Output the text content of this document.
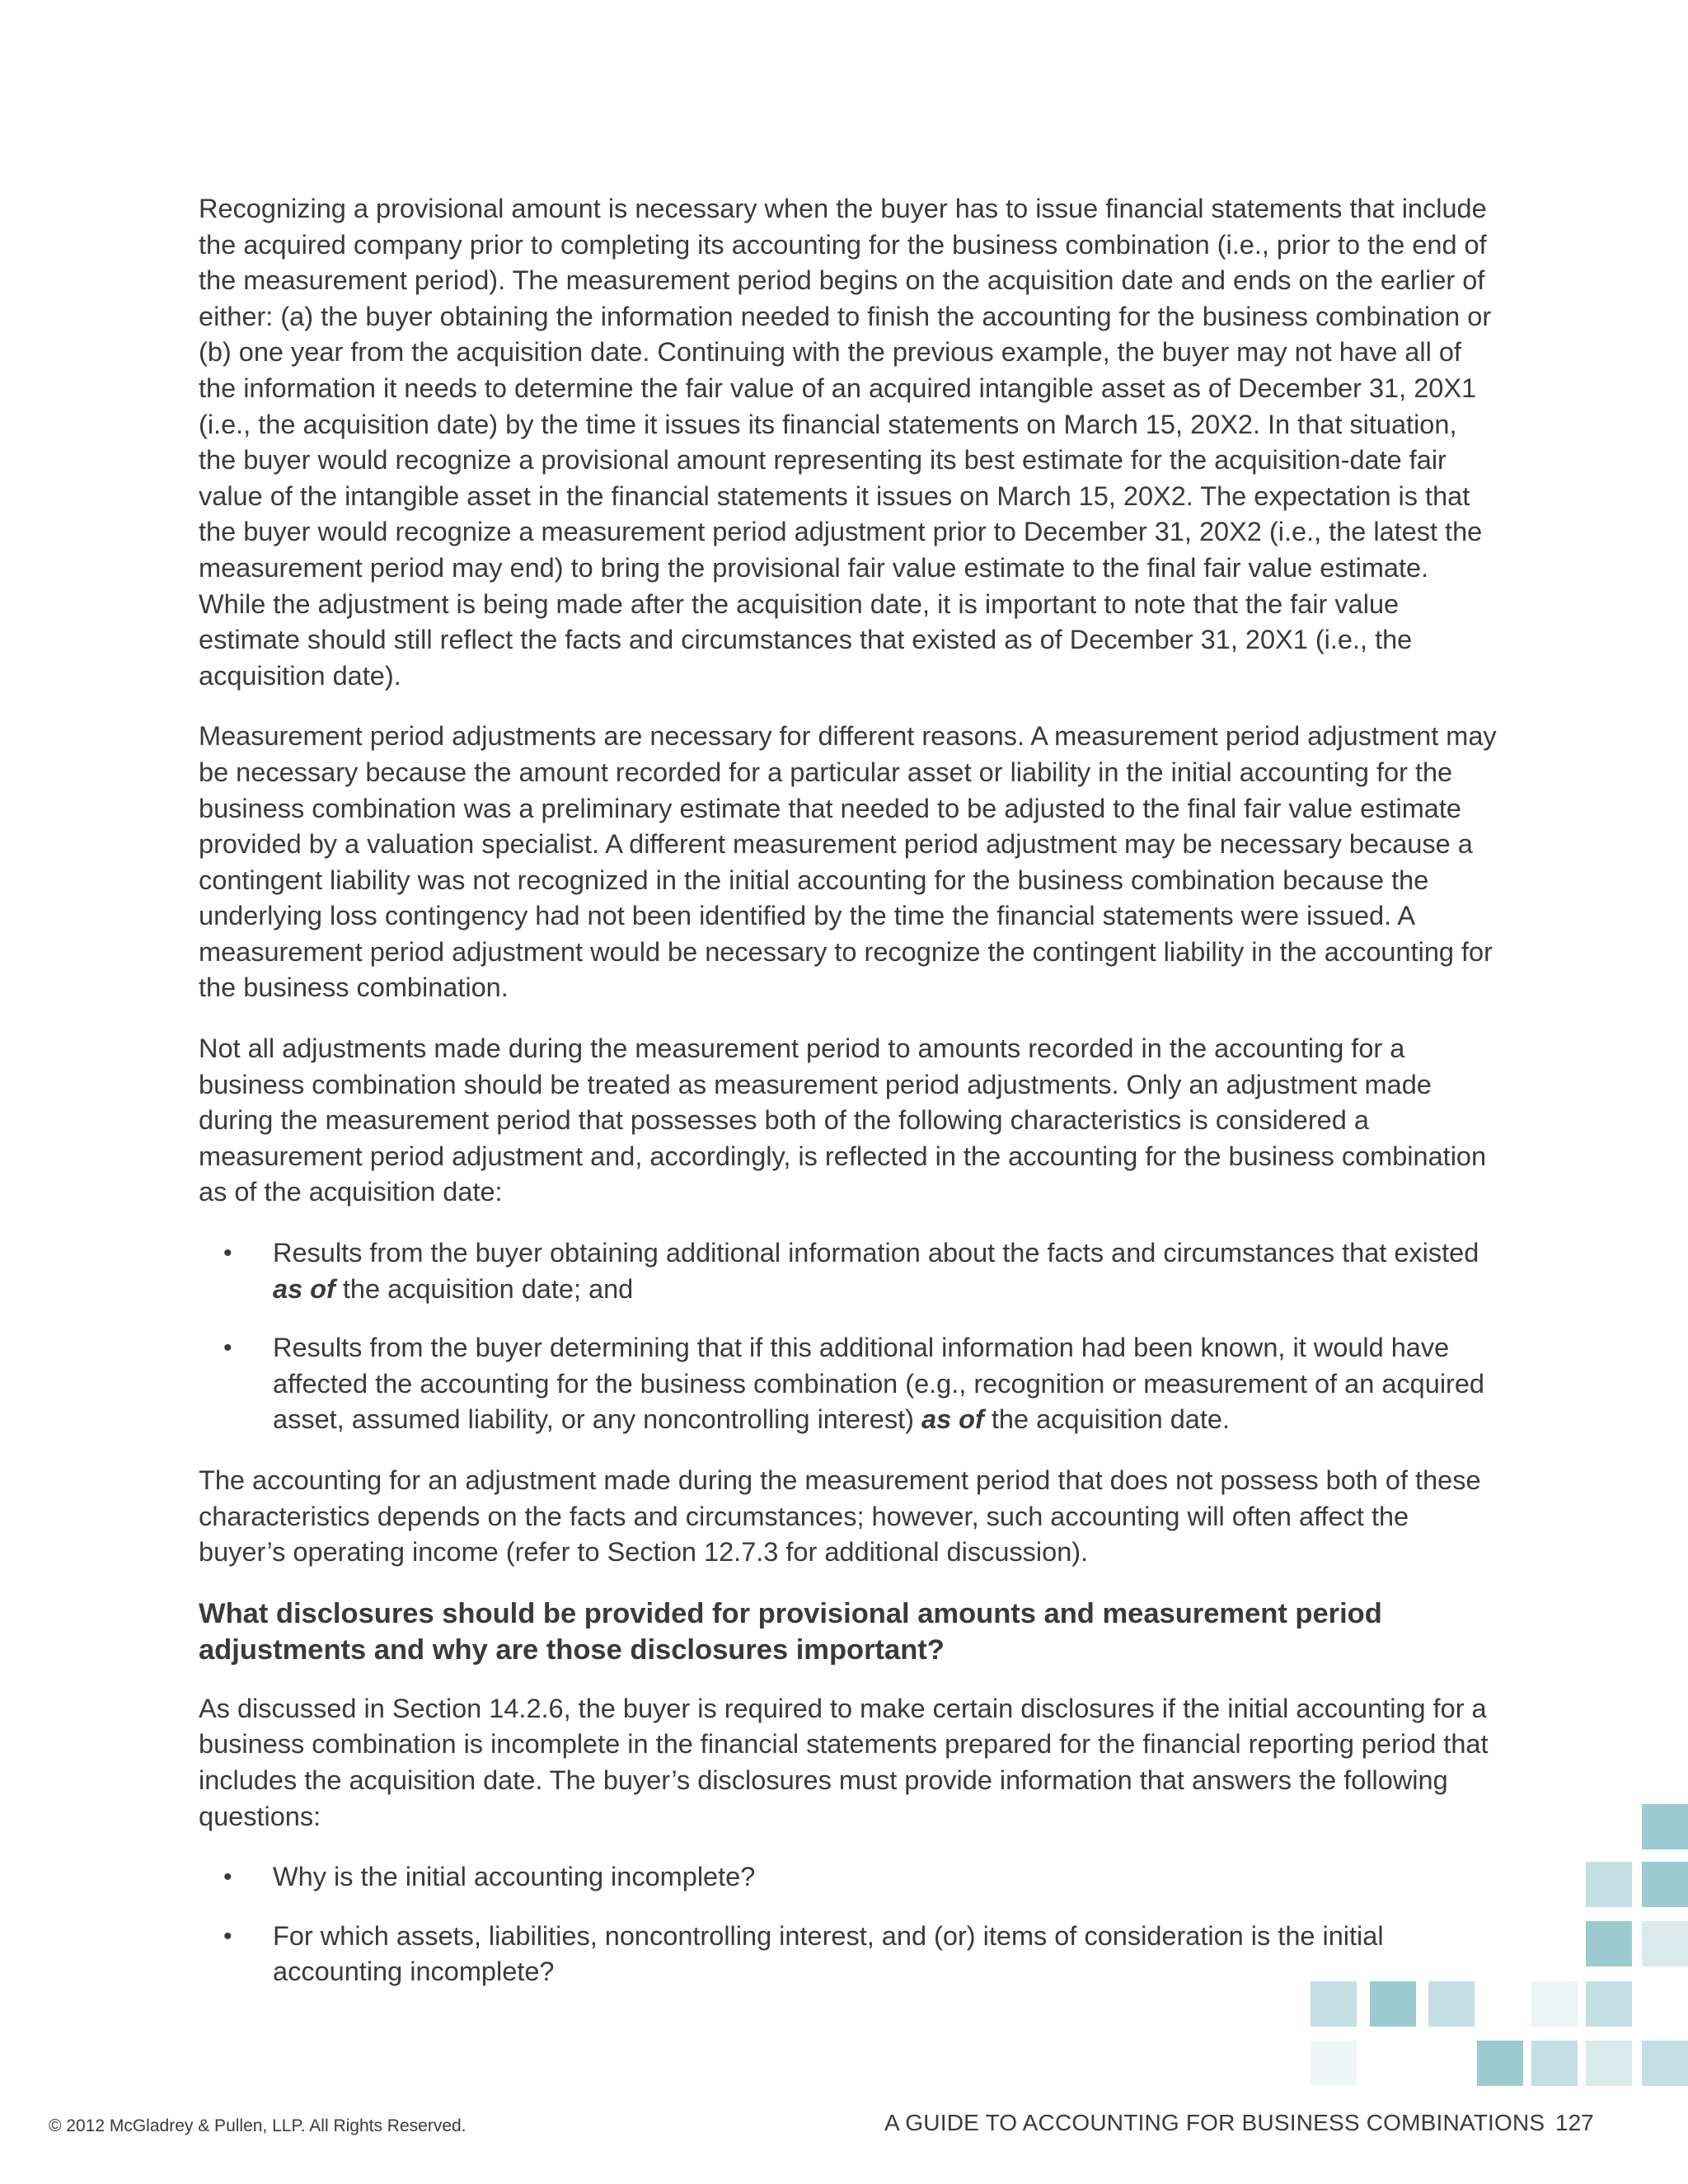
Recognizing a provisional amount is necessary when the buyer has to issue financial statements that include the acquired company prior to completing its accounting for the business combination (i.e., prior to the end of the measurement period). The measurement period begins on the acquisition date and ends on the earlier of either: (a) the buyer obtaining the information needed to finish the accounting for the business combination or (b) one year from the acquisition date. Continuing with the previous example, the buyer may not have all of the information it needs to determine the fair value of an acquired intangible asset as of December 31, 20X1 (i.e., the acquisition date) by the time it issues its financial statements on March 15, 20X2. In that situation, the buyer would recognize a provisional amount representing its best estimate for the acquisition-date fair value of the intangible asset in the financial statements it issues on March 15, 20X2. The expectation is that the buyer would recognize a measurement period adjustment prior to December 31, 20X2 (i.e., the latest the measurement period may end) to bring the provisional fair value estimate to the final fair value estimate. While the adjustment is being made after the acquisition date, it is important to note that the fair value estimate should still reflect the facts and circumstances that existed as of December 31, 20X1 (i.e., the acquisition date).

Measurement period adjustments are necessary for different reasons. A measurement period adjustment may be necessary because the amount recorded for a particular asset or liability in the initial accounting for the business combination was a preliminary estimate that needed to be adjusted to the final fair value estimate provided by a valuation specialist. A different measurement period adjustment may be necessary because a contingent liability was not recognized in the initial accounting for the business combination because the underlying loss contingency had not been identified by the time the financial statements were issued. A measurement period adjustment would be necessary to recognize the contingent liability in the accounting for the business combination.

Not all adjustments made during the measurement period to amounts recorded in the accounting for a business combination should be treated as measurement period adjustments. Only an adjustment made during the measurement period that possesses both of the following characteristics is considered a measurement period adjustment and, accordingly, is reflected in the accounting for the business combination as of the acquisition date:

• Results from the buyer obtaining additional information about the facts and circumstances that existed as of the acquisition date; and
• Results from the buyer determining that if this additional information had been known, it would have affected the accounting for the business combination (e.g., recognition or measurement of an acquired asset, assumed liability, or any noncontrolling interest) as of the acquisition date.

The accounting for an adjustment made during the measurement period that does not possess both of these characteristics depends on the facts and circumstances; however, such accounting will often affect the buyer’s operating income (refer to Section 12.7.3 for additional discussion).

What disclosures should be provided for provisional amounts and measurement period adjustments and why are those disclosures important?

As discussed in Section 14.2.6, the buyer is required to make certain disclosures if the initial accounting for a business combination is incomplete in the financial statements prepared for the financial reporting period that includes the acquisition date. The buyer’s disclosures must provide information that answers the following questions:

• Why is the initial accounting incomplete?
• For which assets, liabilities, noncontrolling interest, and (or) items of consideration is the initial accounting incomplete?
© 2012 McGladrey & Pullen, LLP. All Rights Reserved.	A GUIDE TO ACCOUNTING FOR BUSINESS COMBINATIONS 127
